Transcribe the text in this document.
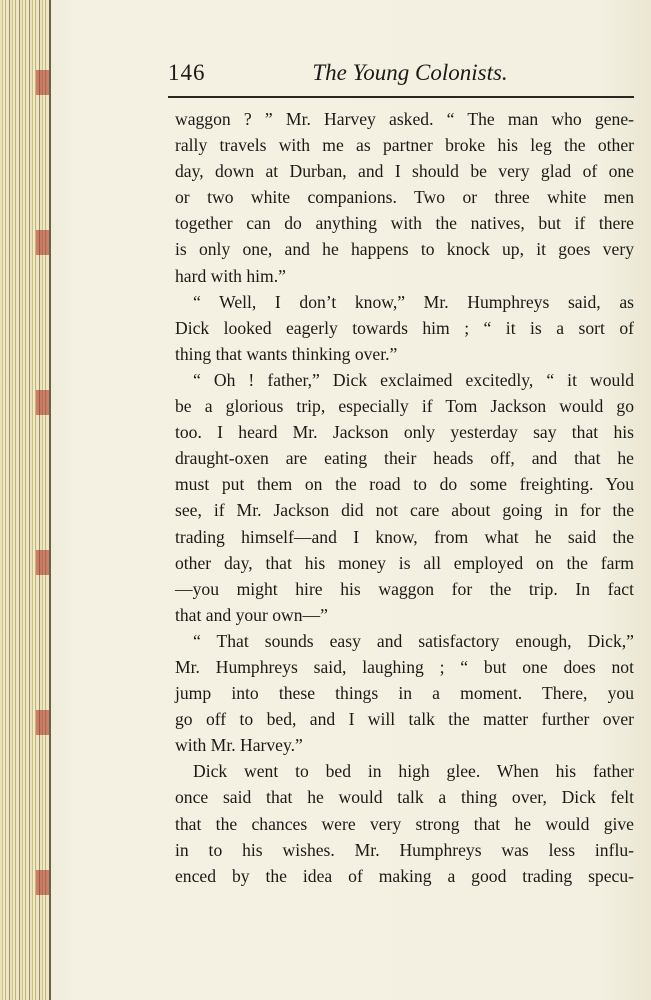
146	The Young Colonists.
waggon ? ” Mr. Harvey asked. “ The man who gene-
rally travels with me as partner broke his leg the other
day, down at Durban, and I should be very glad of one
or two white companions. Two or three white men
together can do anything with the natives, but if there
is only one, and he happens to knock up, it goes very
hard with him.”
“ Well, I don’t know,” Mr. Humphreys said, as
Dick looked eagerly towards him ; “ it is a sort of
thing that wants thinking over.”
“ Oh ! father,” Dick exclaimed excitedly, “ it would
be a glorious trip, especially if Tom Jackson would go
too. I heard Mr. Jackson only yesterday say that his
draught-oxen are eating their heads off, and that he
must put them on the road to do some freighting. You
see, if Mr. Jackson did not care about going in for the
trading himself—and I know, from what he said the
other day, that his money is all employed on the farm
—you might hire his waggon for the trip. In fact
that and your own—”
“ That sounds easy and satisfactory enough, Dick,”
Mr. Humphreys said, laughing ; “ but one does not
jump into these things in a moment. There, you
go off to bed, and I will talk the matter further over
with Mr. Harvey.”
Dick went to bed in high glee. When his father
once said that he would talk a thing over, Dick felt
that the chances were very strong that he would give
in to his wishes. Mr. Humphreys was less influ-
enced by the idea of making a good trading specu-
